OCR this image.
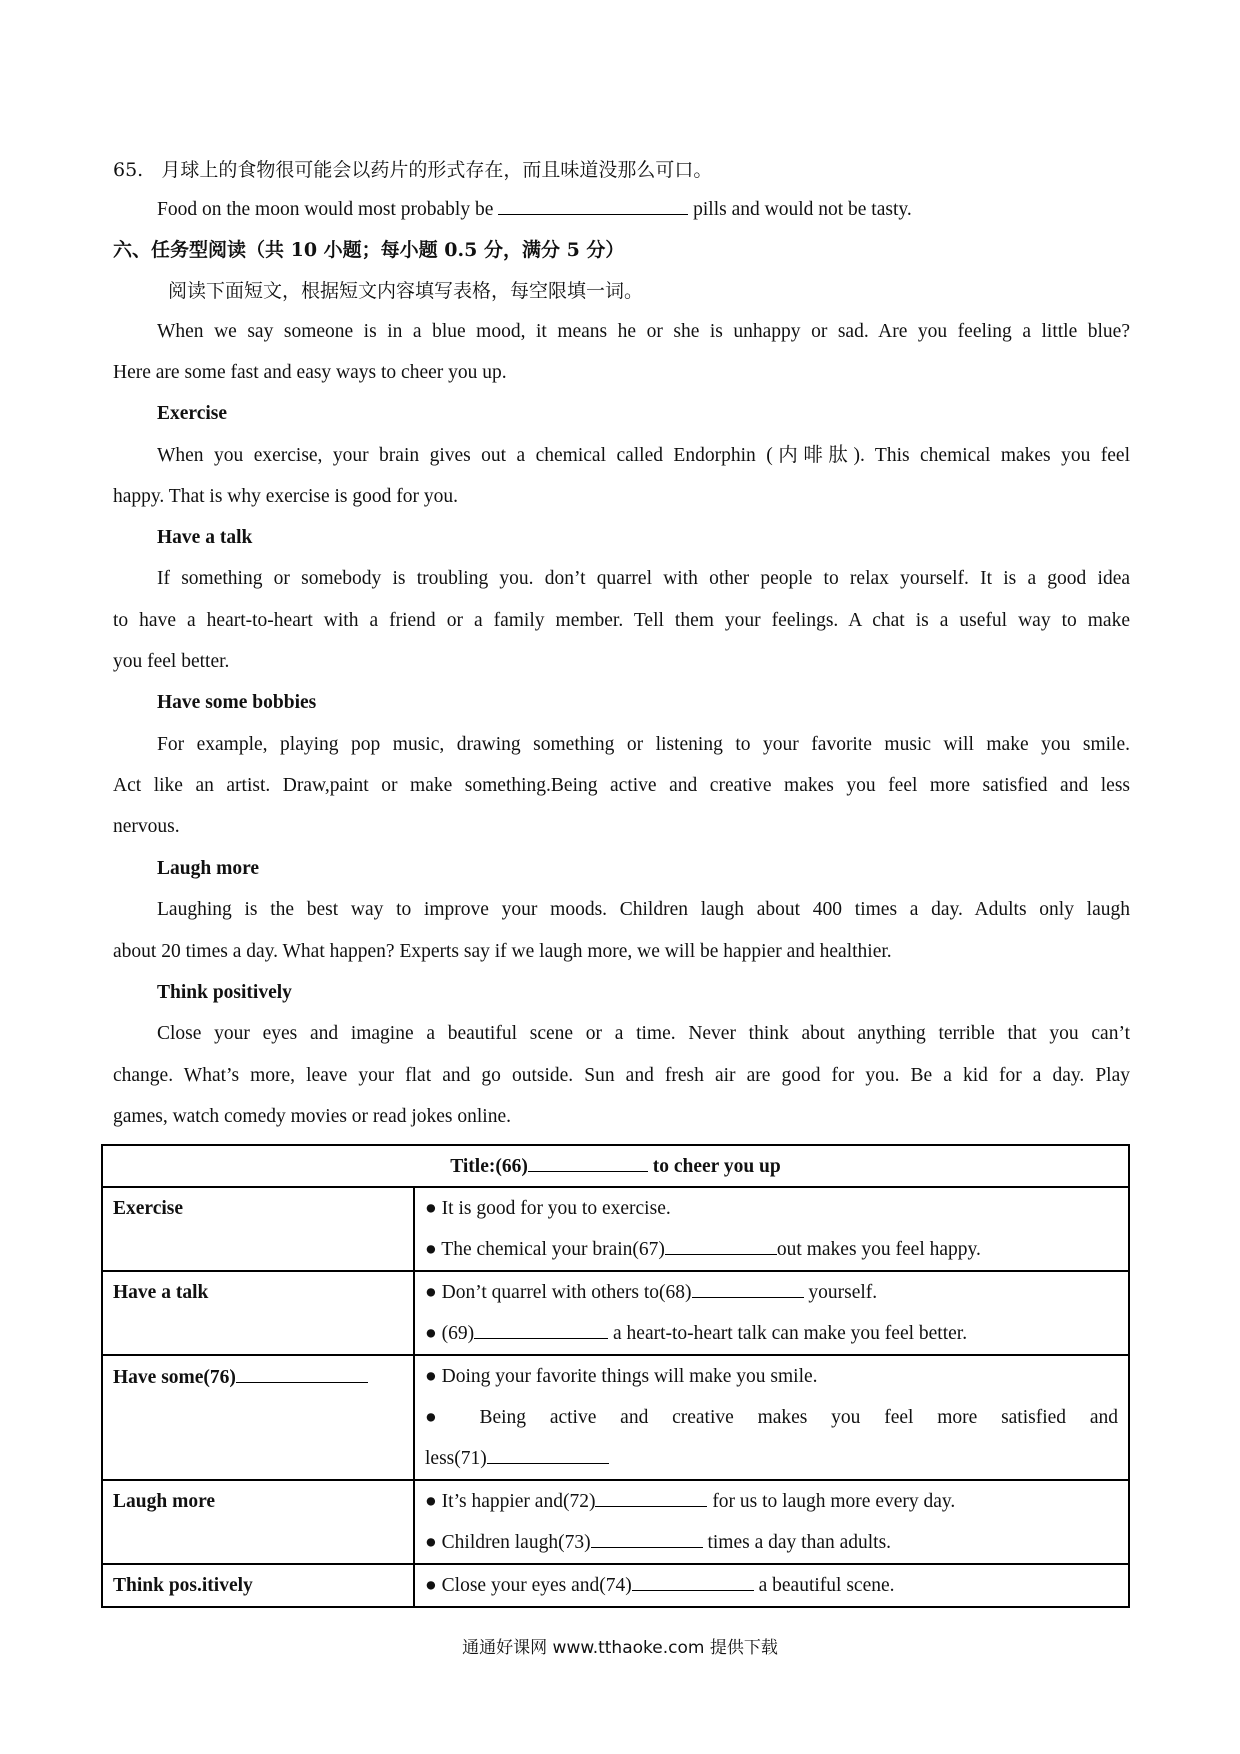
65. 月球上的食物很可能会以药片的形式存在，而且味道没那么可口。
Food on the moon would most probably be	pills and would not be tasty.
六、任务型阅读（共 10 小题；每小题 0.5 分，满分 5 分）
阅读下面短文，根据短文内容填写表格，每空限填一词。
When we say someone is in a blue mood, it means he or she is unhappy or sad. Are you feeling a little blue?
Here are some fast and easy ways to cheer you up.
Exercise
When you exercise, your brain gives out a chemical called Endorphin (内啡肽). This chemical makes you feel
happy. That is why exercise is good for you.
Have a talk
If something or somebody is troubling you. don’t quarrel with other people to relax yourself. It is a good idea
to have a heart-to-heart with a friend or a family member. Tell them your feelings. A chat is a useful way to make
you feel better.
Have some bobbies
For example, playing pop music, drawing something or listening to your favorite music will make you smile.
Act like an artist. Draw,paint or make something.Being active and creative makes you feel more satisfied and less
nervous.
Laugh more
Laughing is the best way to improve your moods. Children laugh about 400 times a day. Adults only laugh
about 20 times a day. What happen? Experts say if we laugh more, we will be happier and healthier.
Think positively
Close your eyes and imagine a beautiful scene or a time. Never think about anything terrible that you can’t
change. What’s more, leave your flat and go outside. Sun and fresh air are good for you. Be a kid for a day. Play
games, watch comedy movies or read jokes online.
Title:(66) to cheer you up	
Exercise	● It is good for you to exercise.
● The chemical your brain(67) out makes you feel happy.

Have a talk	● Don’t quarrel with others to(68) yourself.
● (69) a heart-to-heart talk can make you feel better.

Have some(76)	● Doing your favorite things will make you smile.
● Being active and creative makes you feel more satisfied and
less(71)

Laugh more	● It’s happier and(72) for us to laugh more every day.
● Children laugh(73) times a day than adults.

Think pos.itively	● Close your eyes and(74) a beautiful scene.
通通好课网 www.tthaoke.com 提供下载
